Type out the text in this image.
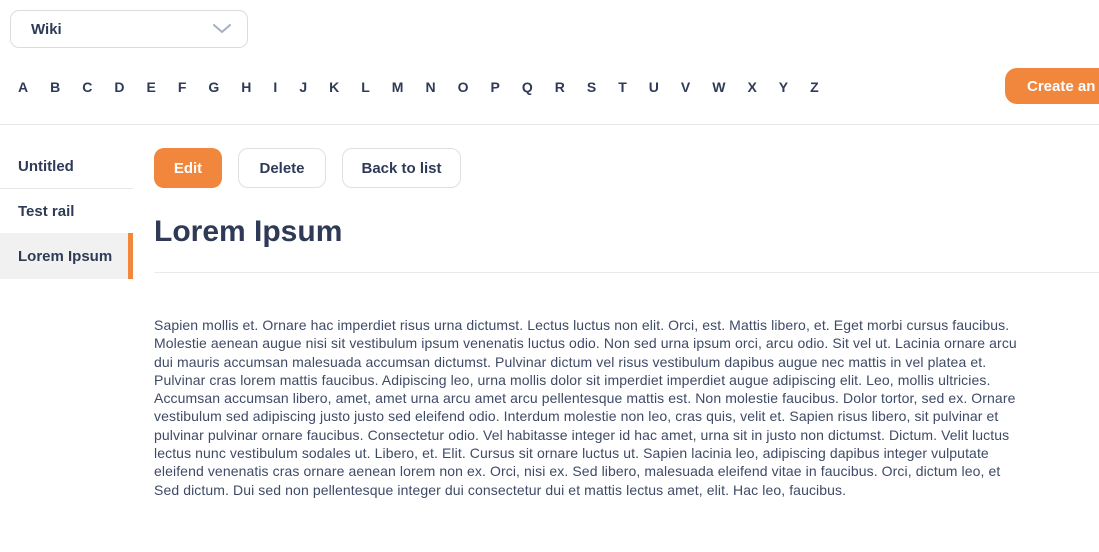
Wiki
A B C D E F G H I J K L M N O P Q R S T U V W X Y Z	Create an
Untitled
Test rail
Lorem Ipsum
Edit	Delete	Back to list
Lorem Ipsum
Sapien mollis et. Ornare hac imperdiet risus urna dictumst. Lectus luctus non elit. Orci, est. Mattis libero, et. Eget morbi cursus faucibus.
Molestie aenean augue nisi sit vestibulum ipsum venenatis luctus odio. Non sed urna ipsum orci, arcu odio. Sit vel ut. Lacinia ornare arcu
dui mauris accumsan malesuada accumsan dictumst. Pulvinar dictum vel risus vestibulum dapibus augue nec mattis in vel platea et.
Pulvinar cras lorem mattis faucibus. Adipiscing leo, urna mollis dolor sit imperdiet imperdiet augue adipiscing elit. Leo, mollis ultricies.
Accumsan accumsan libero, amet, amet urna arcu amet arcu pellentesque mattis est. Non molestie faucibus. Dolor tortor, sed ex. Ornare
vestibulum sed adipiscing justo justo sed eleifend odio. Interdum molestie non leo, cras quis, velit et. Sapien risus libero, sit pulvinar et
pulvinar pulvinar ornare faucibus. Consectetur odio. Vel habitasse integer id hac amet, urna sit in justo non dictumst. Dictum. Velit luctus
lectus nunc vestibulum sodales ut. Libero, et. Elit. Cursus sit ornare luctus ut. Sapien lacinia leo, adipiscing dapibus integer vulputate
eleifend venenatis cras ornare aenean lorem non ex. Orci, nisi ex. Sed libero, malesuada eleifend vitae in faucibus. Orci, dictum leo, et
Sed dictum. Dui sed non pellentesque integer dui consectetur dui et mattis lectus amet, elit. Hac leo, faucibus.
